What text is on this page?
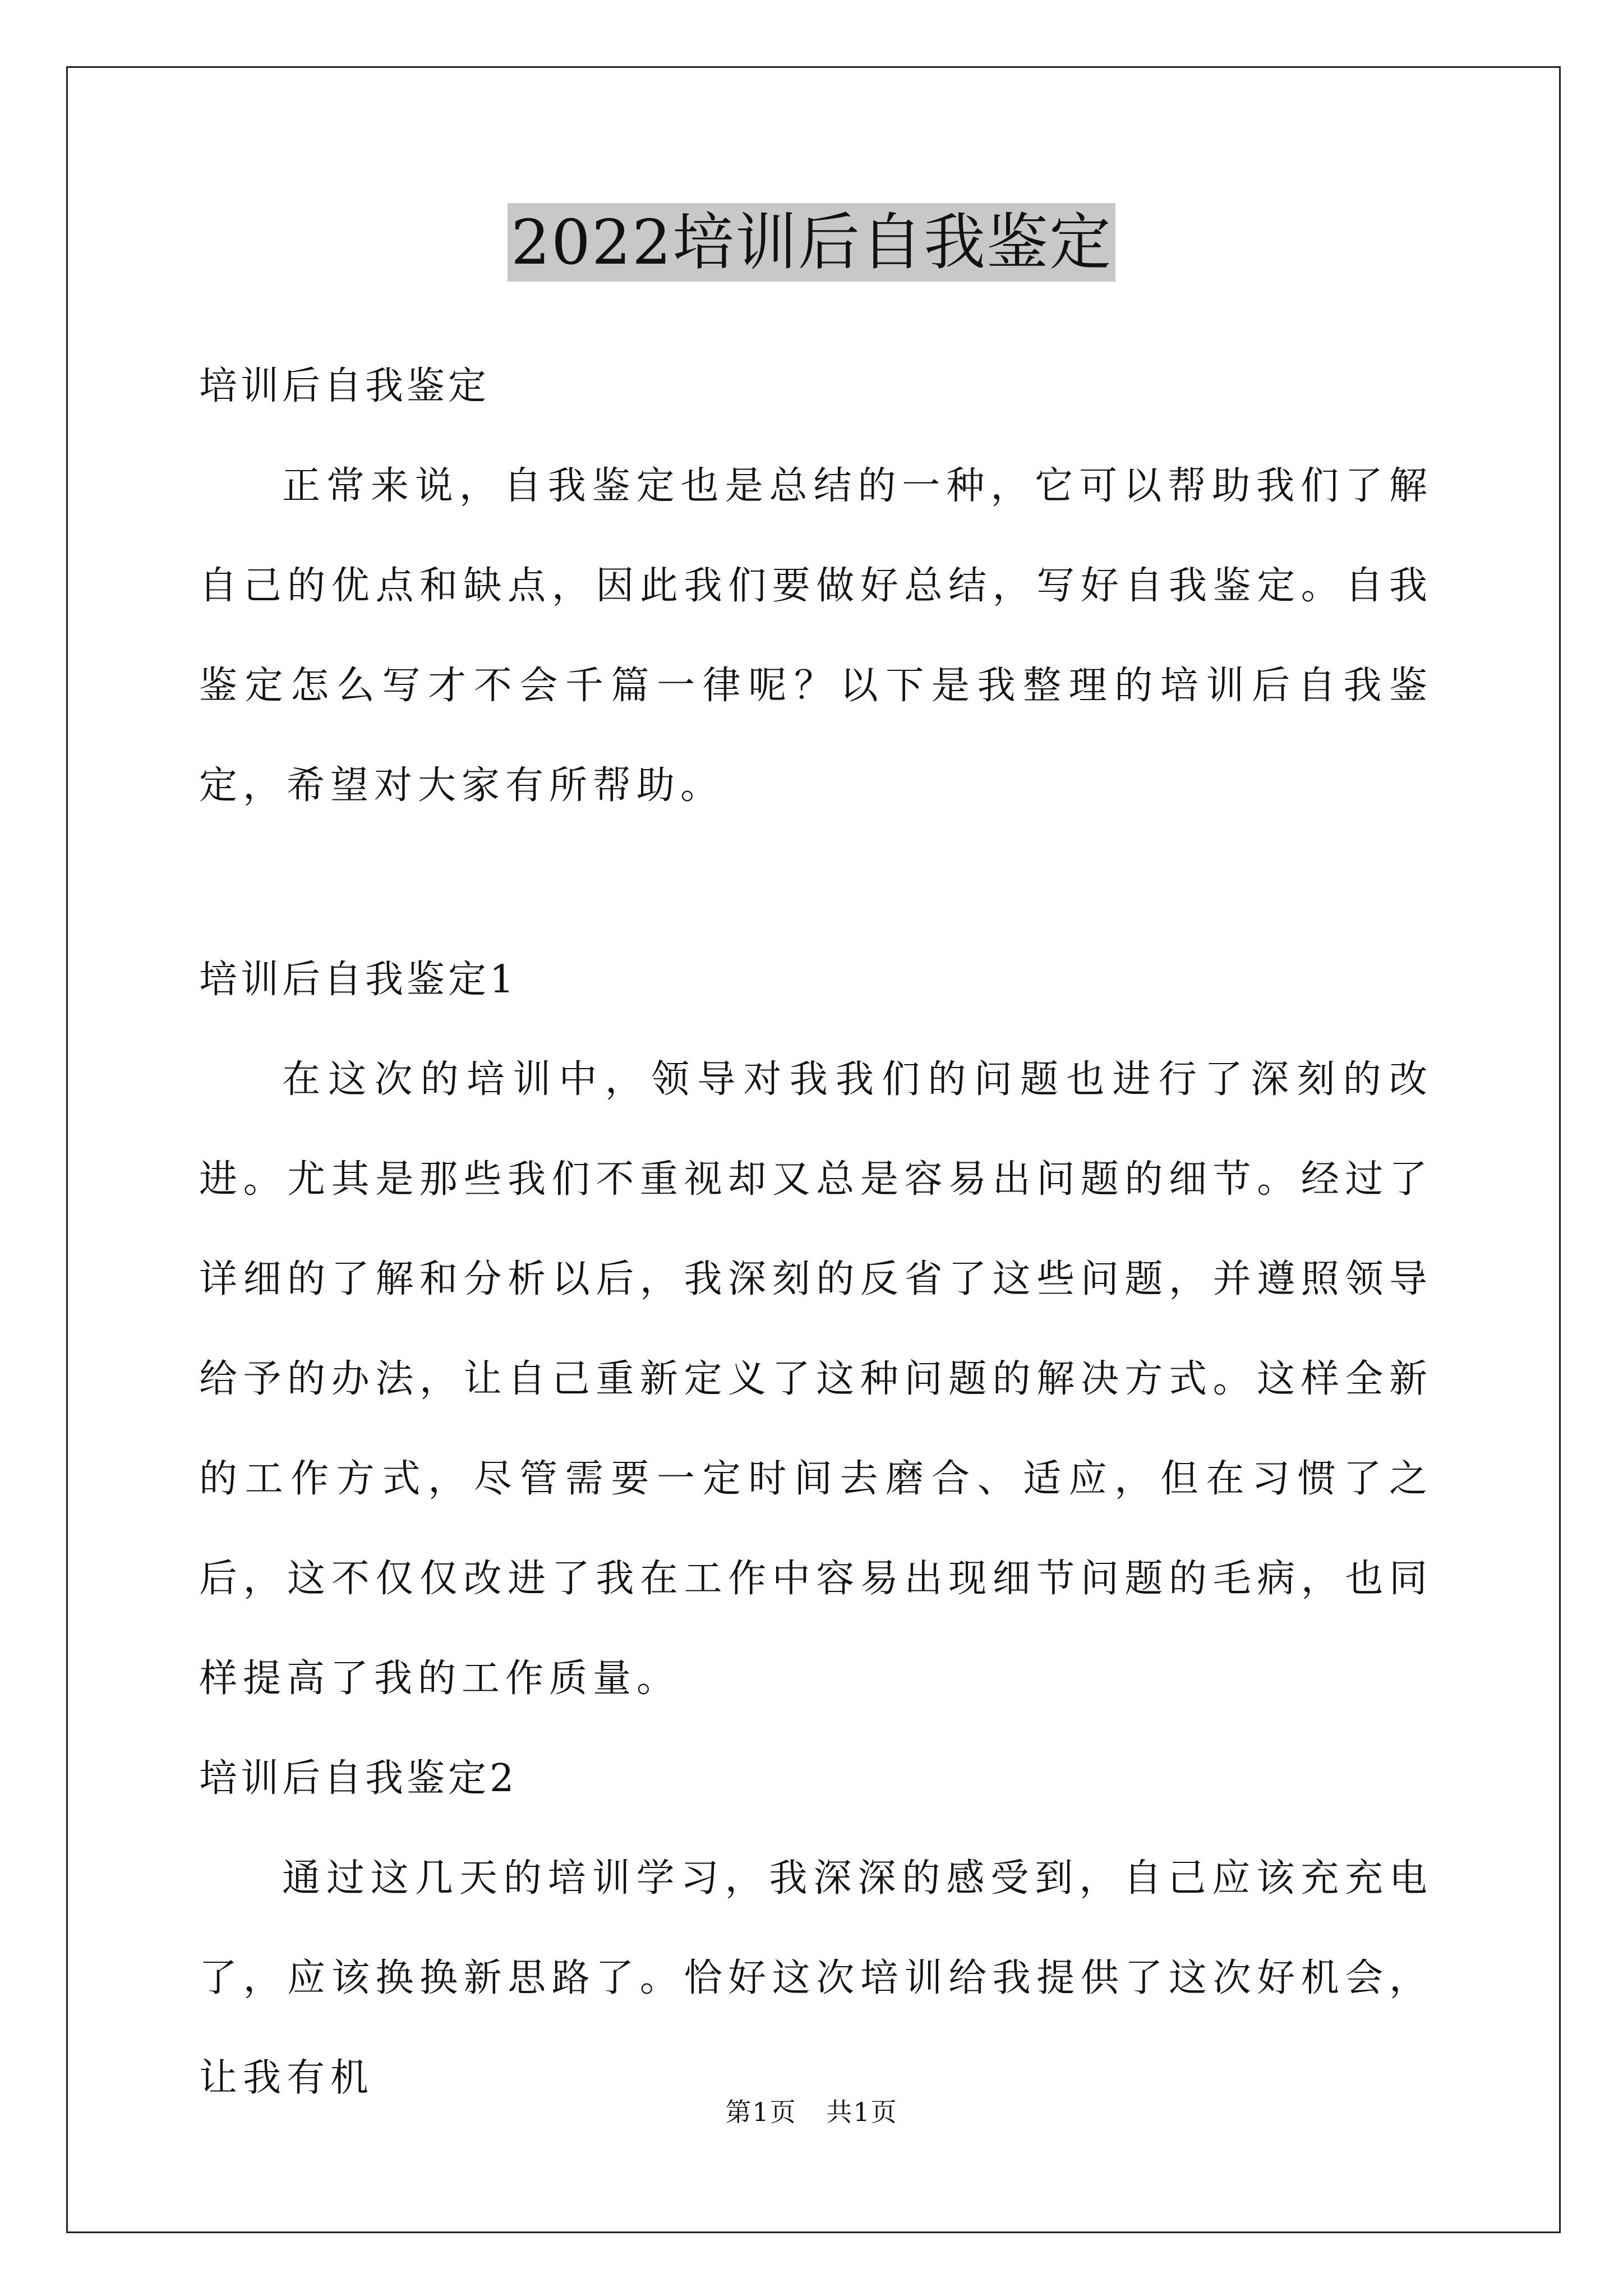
2022培训后自我鉴定

培训后自我鉴定

正常来说，自我鉴定也是总结的一种，它可以帮助我们了解自己的优点和缺点，因此我们要做好总结，写好自我鉴定。自我鉴定怎么写才不会千篇一律呢？以下是我整理的培训后自我鉴定，希望对大家有所帮助。

培训后自我鉴定1

在这次的培训中，领导对我我们的问题也进行了深刻的改进。尤其是那些我们不重视却又总是容易出问题的细节。经过了详细的了解和分析以后，我深刻的反省了这些问题，并遵照领导给予的办法，让自己重新定义了这种问题的解决方式。这样全新的工作方式，尽管需要一定时间去磨合、适应，但在习惯了之后，这不仅仅改进了我在工作中容易出现细节问题的毛病，也同样提高了我的工作质量。

培训后自我鉴定2

通过这几天的培训学习，我深深的感受到，自己应该充充电了，应该换换新思路了。恰好这次培训给我提供了这次好机会，让我有机

第1页 共1页
